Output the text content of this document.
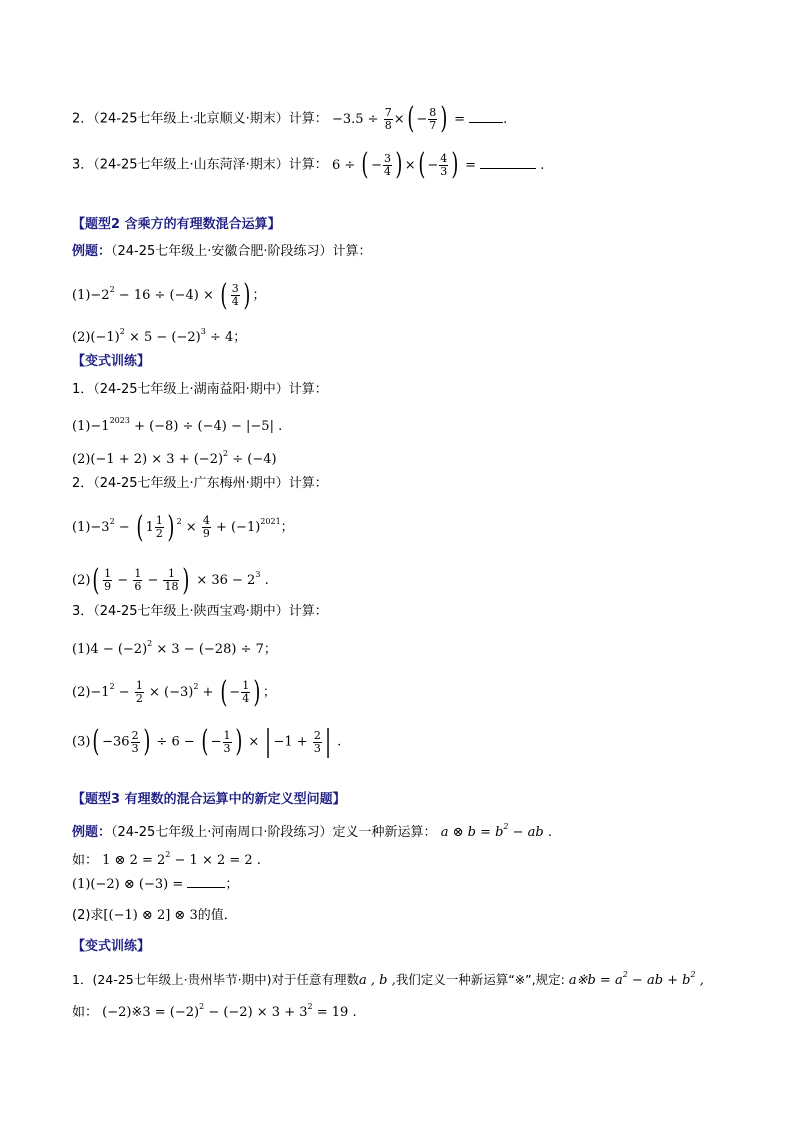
2．（24-25七年级上·北京顺义·期末）计算： $-3.5 \div \frac{7}{8}$ ×( − $\frac{8}{7}$ ) =	.
3．（24-25七年级上·山东菏泽·期末）计算： 6 ÷ ( − $\frac{3}{4}$ ) ×( − $\frac{4}{3}$ ) =	.
【题型2 含乘方的有理数混合运算】
例题：（24-25七年级上·安徽合肥·阶段练习）计算：
$(1)-2^2 - 16 \div (-4)$ × ( $\frac{3}{4}$ ) ；
$(2)(-1)^2 \times 5 - (-2)^3 \div 4$；
【变式训练】
1．（24-25七年级上·湖南益阳·期中）计算：
$(1)-1^{2023} + (-8) \div (-4) - |-5|$ .
$(2)(-1 + 2) \times 3 + (-2)^2 \div (-4)$
2．（24-25七年级上·广东梅州·期中）计算：
$(1)-3^2$ − ( $1 \frac{1}{2}$ ) $^2 \times \frac{4}{9} + (-1)^{2021}$；
$(2)( \frac{1}{9} - \frac{1}{6} - \frac{1}{18}$ ) × $36 - 2^3$ .
3．（24-25七年级上·陕西宝鸡·期中）计算：
$(1)4 - (-2)^2 \times 3 - (-28) \div 7$；
$(2)-1^2 - \frac{1}{2} \times (-3)^2$ + ( − $\frac{1}{4}$ ) ；
$(3)( -36 \frac{2}{3}$ ) ÷ 6 − ( − $\frac{1}{3}$ ) × | $-1 + \frac{2}{3}$ | .
【题型3 有理数的混合运算中的新定义型问题】
例题：（24-25七年级上·河南周口·阶段练习）定义一种新运算： a ⊗ $b = b^2$ − ab .
如： 1 ⊗ $2 = 2^2 - 1 \times 2 = 2$ .
(1)(−2) ⊗ (−3) =	；
(2)求[(−1) ⊗ 2] ⊗ 3的值．
【变式训练】
1．(24-25七年级上·贵州毕节·期中)对于任意有理数a , b ,我们定义一种新运算“※”,规定: a※b = $a^2$ − ab + $b^2$ ,
如： (−2)※3 = $(-2)^2 - (-2) \times 3 + 3^2 = 19$ .
